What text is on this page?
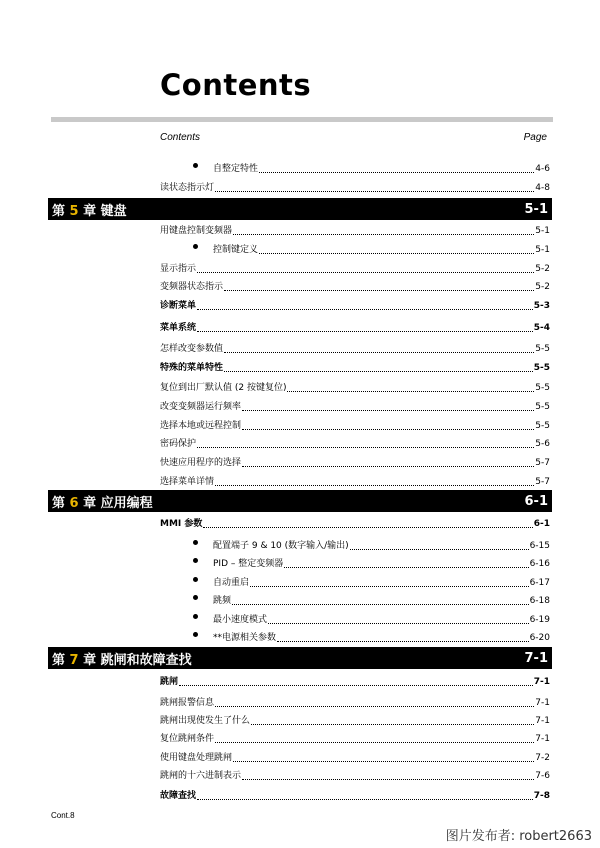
Contents
Contents	Page
自整定特性	4-6
读状态指示灯	4-8
第 5 章 键盘	5-1
用键盘控制变频器	5-1
控制键定义	5-1
显示指示	5-2
变频器状态指示	5-2
诊断菜单	5-3
菜单系统	5-4
怎样改变参数值	5-5
特殊的菜单特性	5-5
复位到出厂默认值 (2 按键复位)	5-5
改变变频器运行频率	5-5
选择本地或远程控制	5-5
密码保护	5-6
快速应用程序的选择	5-7
选择菜单详情	5-7
第 6 章 应用编程	6-1
MMI 参数	6-1
配置端子 9 & 10 (数字输入/输出)	6-15
PID – 整定变频器	6-16
自动重启	6-17
跳频	6-18
最小速度模式	6-19
**电源相关参数	6-20
第 7 章 跳闸和故障查找	7-1
跳闸	7-1
跳闸报警信息	7-1
跳闸出现使发生了什么	7-1
复位跳闸条件	7-1
使用键盘处理跳闸	7-2
跳闸的十六进制表示	7-6
故障查找	7-8
Cont.8
图片发布者: robert2663
